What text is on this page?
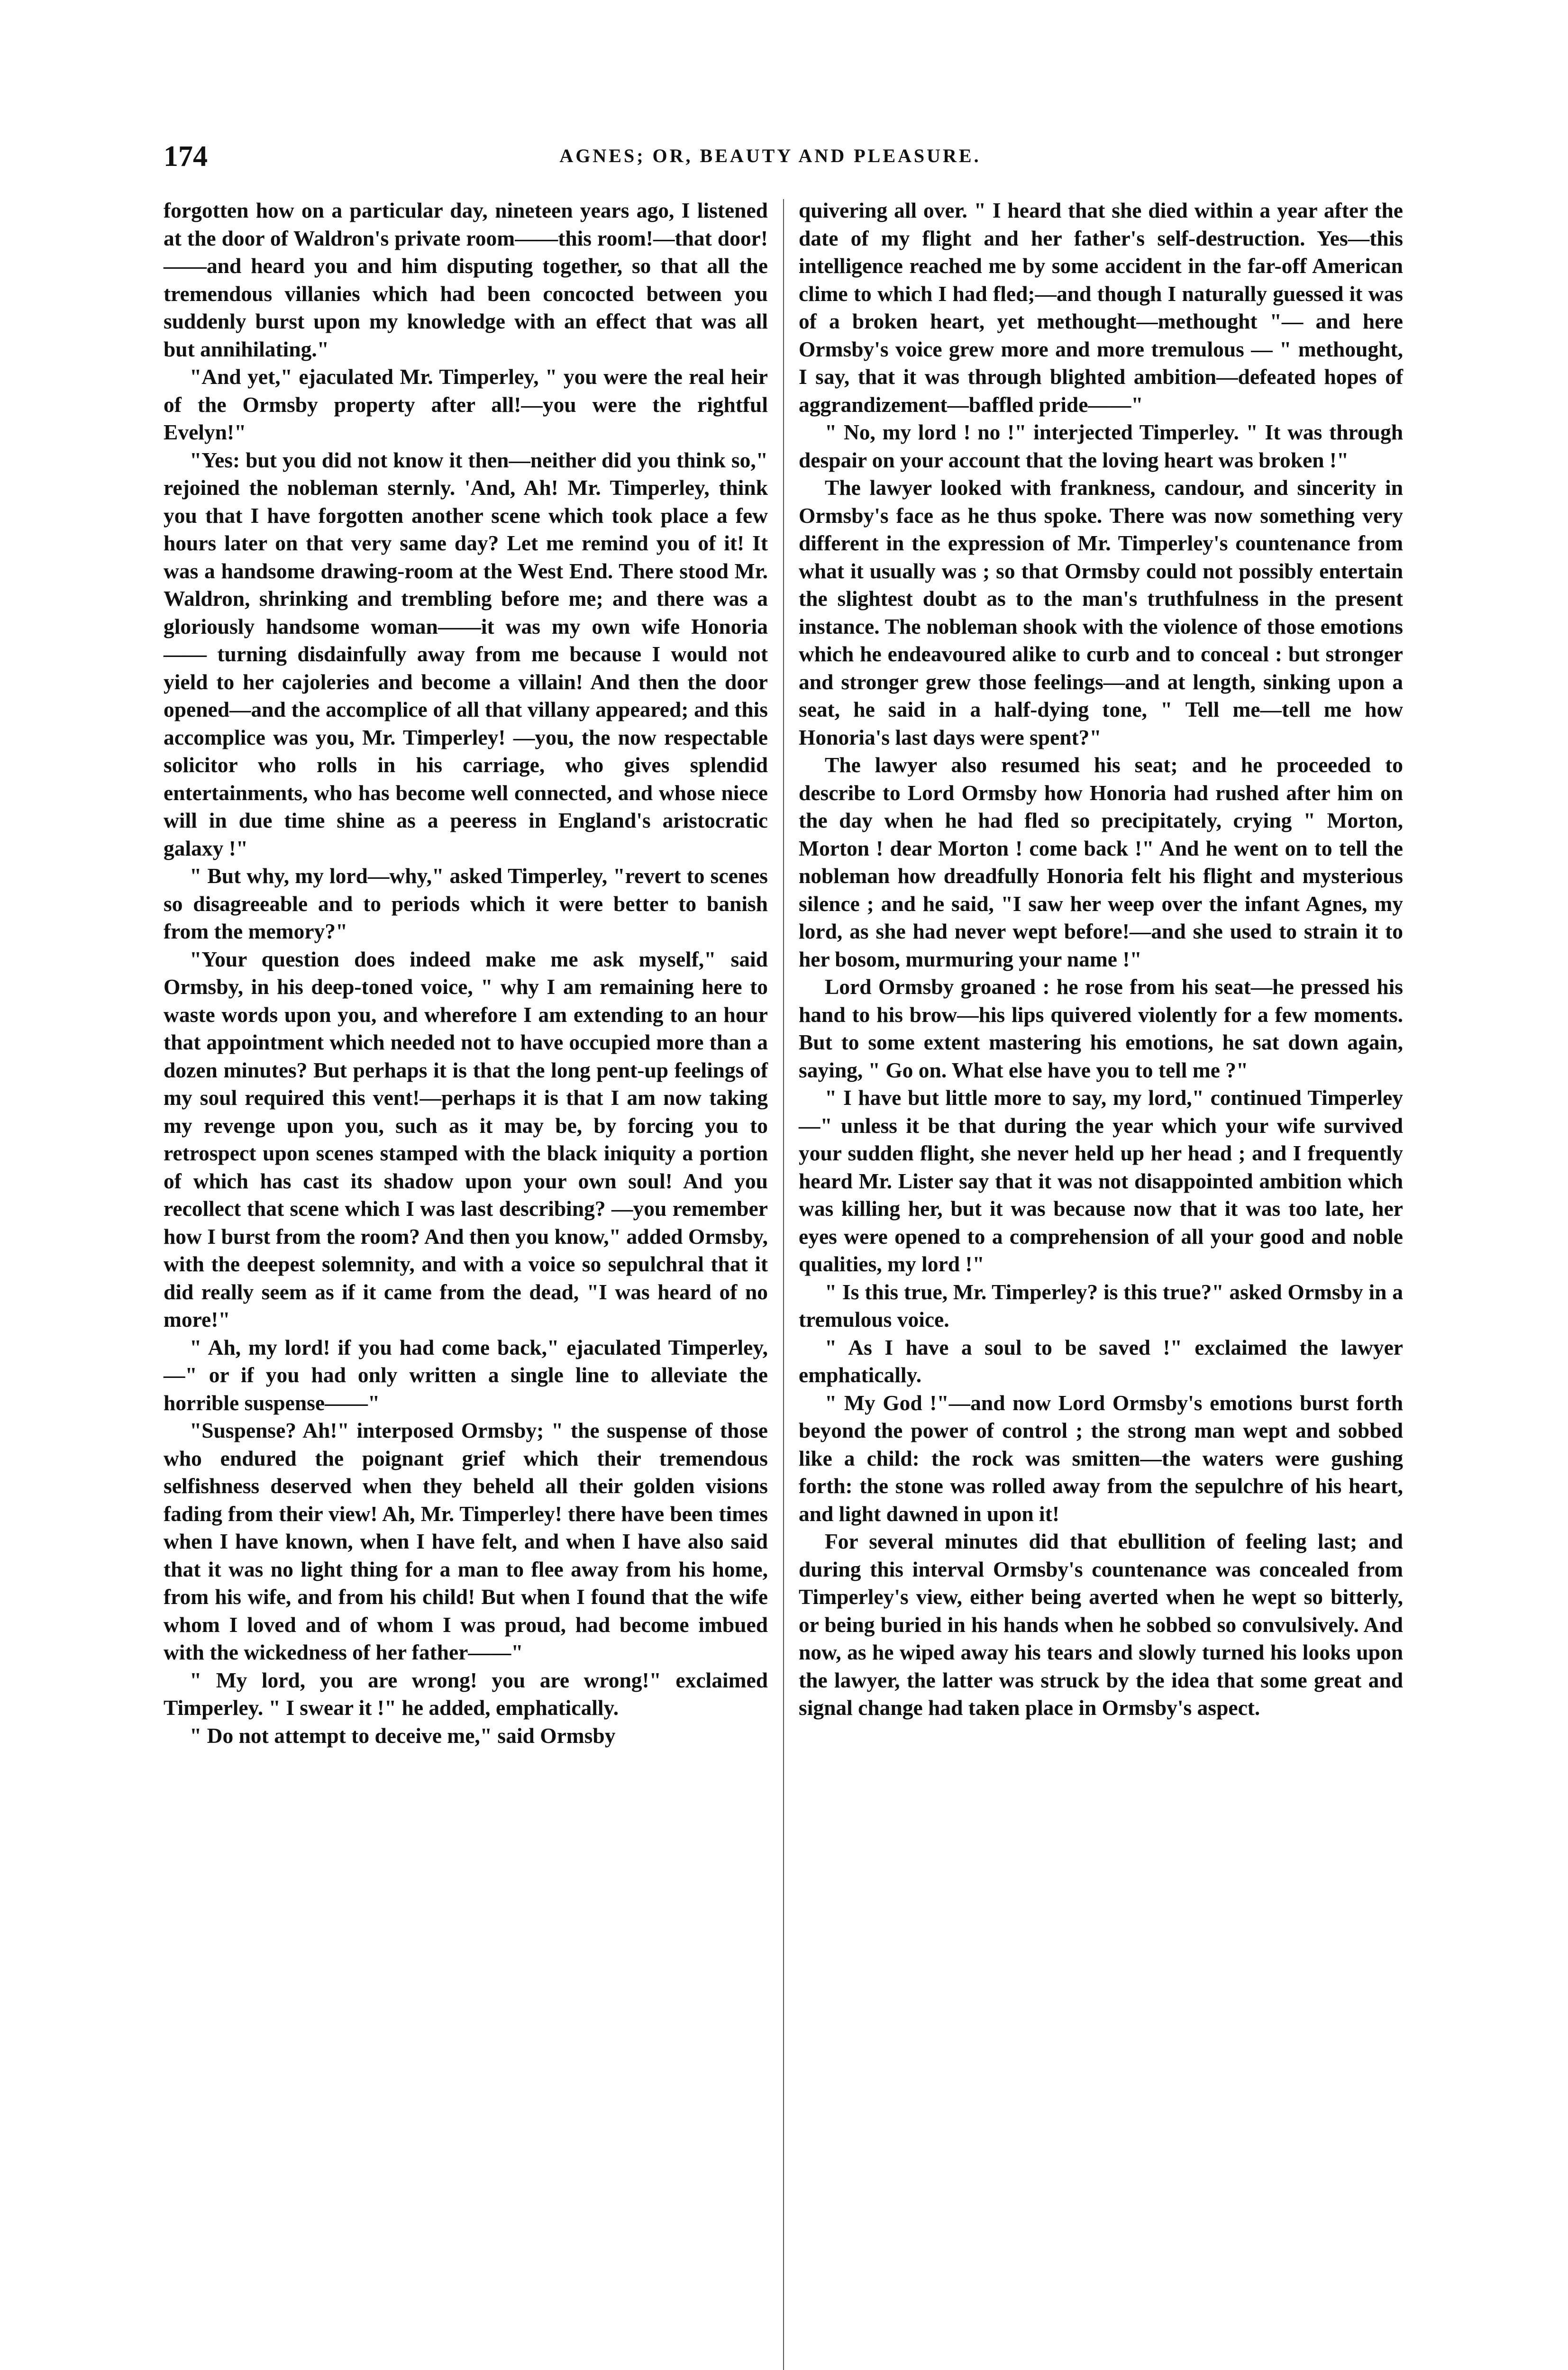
174	AGNES; OR, BEAUTY AND PLEASURE.

forgotten how on a particular day, nineteen years ago, I listened at the door of Waldron's private room——this room!—that door!——and heard you and him disputing together, so that all the tremendous villanies which had been concocted between you suddenly burst upon my knowledge with an effect that was all but annihilating."

"And yet," ejaculated Mr. Timperley, " you were the real heir of the Ormsby property after all!—you were the rightful Evelyn!"

"Yes: but you did not know it then—neither did you think so," rejoined the nobleman sternly. 'And, Ah! Mr. Timperley, think you that I have forgotten another scene which took place a few hours later on that very same day? Let me remind you of it! It was a handsome drawing-room at the West End. There stood Mr. Waldron, shrinking and trembling before me; and there was a gloriously handsome woman——it was my own wife Honoria—— turning disdainfully away from me because I would not yield to her cajoleries and become a villain! And then the door opened—and the accomplice of all that villany appeared; and this accomplice was you, Mr. Timperley! —you, the now respectable solicitor who rolls in his carriage, who gives splendid entertainments, who has become well connected, and whose niece will in due time shine as a peeress in England's aristocratic galaxy !"

" But why, my lord—why," asked Timperley, "revert to scenes so disagreeable and to periods which it were better to banish from the memory?"

"Your question does indeed make me ask myself," said Ormsby, in his deep-toned voice, " why I am remaining here to waste words upon you, and wherefore I am extending to an hour that appointment which needed not to have occupied more than a dozen minutes? But perhaps it is that the long pent-up feelings of my soul required this vent!—perhaps it is that I am now taking my revenge upon you, such as it may be, by forcing you to retrospect upon scenes stamped with the black iniquity a portion of which has cast its shadow upon your own soul! And you recollect that scene which I was last describing? —you remember how I burst from the room? And then you know," added Ormsby, with the deepest solemnity, and with a voice so sepulchral that it did really seem as if it came from the dead, "I was heard of no more!"

" Ah, my lord! if you had come back," ejaculated Timperley,—" or if you had only written a single line to alleviate the horrible suspense——"

"Suspense? Ah!" interposed Ormsby; " the suspense of those who endured the poignant grief which their tremendous selfishness deserved when they beheld all their golden visions fading from their view! Ah, Mr. Timperley! there have been times when I have known, when I have felt, and when I have also said that it was no light thing for a man to flee away from his home, from his wife, and from his child! But when I found that the wife whom I loved and of whom I was proud, had become imbued with the wickedness of her father——"

" My lord, you are wrong! you are wrong!" exclaimed Timperley. " I swear it !" he added, emphatically.

" Do not attempt to deceive me," said Ormsby

quivering all over. " I heard that she died within a year after the date of my flight and her father's self-destruction. Yes—this intelligence reached me by some accident in the far-off American clime to which I had fled;—and though I naturally guessed it was of a broken heart, yet methought—methought "— and here Ormsby's voice grew more and more tremulous — " methought, I say, that it was through blighted ambition—defeated hopes of aggrandizement—baffled pride——"

" No, my lord ! no !" interjected Timperley. " It was through despair on your account that the loving heart was broken !"

The lawyer looked with frankness, candour, and sincerity in Ormsby's face as he thus spoke. There was now something very different in the expression of Mr. Timperley's countenance from what it usually was ; so that Ormsby could not possibly entertain the slightest doubt as to the man's truthfulness in the present instance. The nobleman shook with the violence of those emotions which he endeavoured alike to curb and to conceal : but stronger and stronger grew those feelings—and at length, sinking upon a seat, he said in a half-dying tone, " Tell me—tell me how Honoria's last days were spent?"

The lawyer also resumed his seat; and he proceeded to describe to Lord Ormsby how Honoria had rushed after him on the day when he had fled so precipitately, crying " Morton, Morton ! dear Morton ! come back !" And he went on to tell the nobleman how dreadfully Honoria felt his flight and mysterious silence ; and he said, "I saw her weep over the infant Agnes, my lord, as she had never wept before!—and she used to strain it to her bosom, murmuring your name !"

Lord Ormsby groaned : he rose from his seat—he pressed his hand to his brow—his lips quivered violently for a few moments. But to some extent mastering his emotions, he sat down again, saying, " Go on. What else have you to tell me ?"

" I have but little more to say, my lord," continued Timperley—" unless it be that during the year which your wife survived your sudden flight, she never held up her head ; and I frequently heard Mr. Lister say that it was not disappointed ambition which was killing her, but it was because now that it was too late, her eyes were opened to a comprehension of all your good and noble qualities, my lord !"

" Is this true, Mr. Timperley? is this true?" asked Ormsby in a tremulous voice.

" As I have a soul to be saved !" exclaimed the lawyer emphatically.

" My God !"—and now Lord Ormsby's emotions burst forth beyond the power of control ; the strong man wept and sobbed like a child: the rock was smitten—the waters were gushing forth: the stone was rolled away from the sepulchre of his heart, and light dawned in upon it!

For several minutes did that ebullition of feeling last; and during this interval Ormsby's countenance was concealed from Timperley's view, either being averted when he wept so bitterly, or being buried in his hands when he sobbed so convulsively. And now, as he wiped away his tears and slowly turned his looks upon the lawyer, the latter was struck by the idea that some great and signal change had taken place in Ormsby's aspect.
